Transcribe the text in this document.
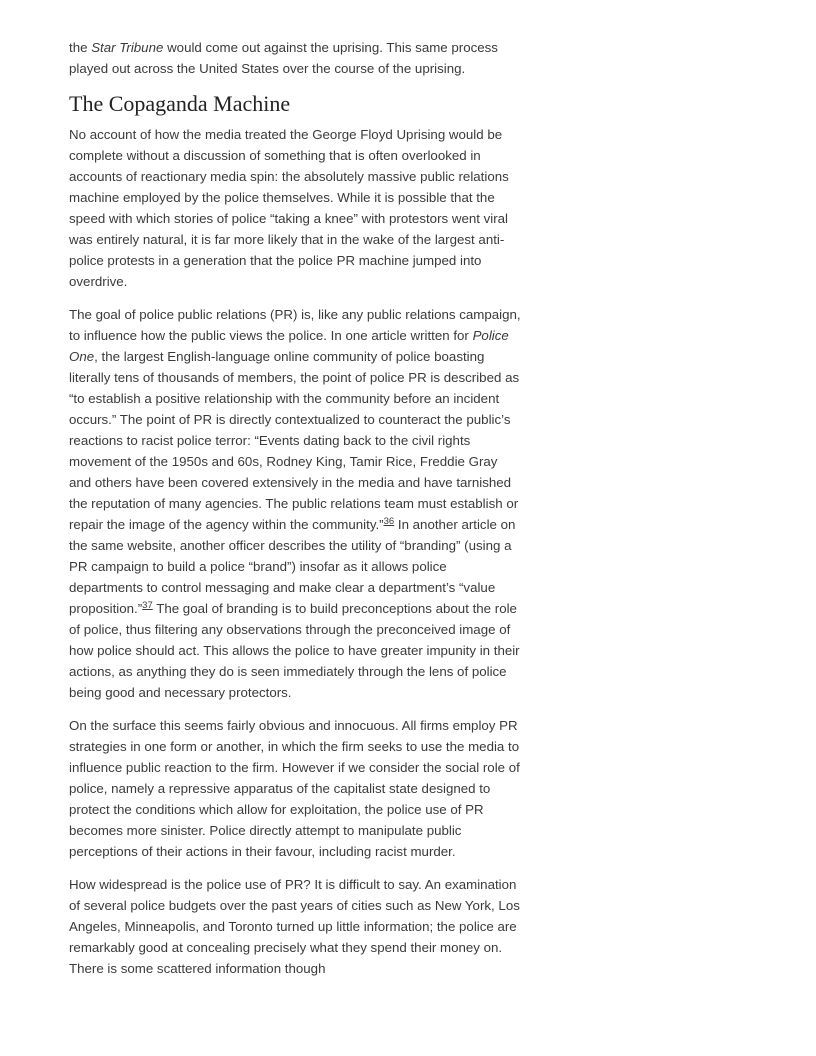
the Star Tribune would come out against the uprising. This same process played out across the United States over the course of the uprising.

The Copaganda Machine

No account of how the media treated the George Floyd Uprising would be complete without a discussion of something that is often overlooked in accounts of reactionary media spin: the absolutely massive public relations machine employed by the police themselves. While it is possible that the speed with which stories of police “taking a knee” with protestors went viral was entirely natural, it is far more likely that in the wake of the largest anti-police protests in a generation that the police PR machine jumped into overdrive.

The goal of police public relations (PR) is, like any public relations campaign, to influence how the public views the police. In one article written for Police One, the largest English-language online community of police boasting literally tens of thousands of members, the point of police PR is described as “to establish a positive relationship with the community before an incident occurs.” The point of PR is directly contextualized to counteract the public’s reactions to racist police terror: “Events dating back to the civil rights movement of the 1950s and 60s, Rodney King, Tamir Rice, Freddie Gray and others have been covered extensively in the media and have tarnished the reputation of many agencies. The public relations team must establish or repair the image of the agency within the community.”$^{36}$ In another article on the same website, another officer describes the utility of “branding” (using a PR campaign to build a police “brand”) insofar as it allows police departments to control messaging and make clear a department’s “value proposition.”$^{37}$ The goal of branding is to build preconceptions about the role of police, thus filtering any observations through the preconceived image of how police should act. This allows the police to have greater impunity in their actions, as anything they do is seen immediately through the lens of police being good and necessary protectors.

On the surface this seems fairly obvious and innocuous. All firms employ PR strategies in one form or another, in which the firm seeks to use the media to influence public reaction to the firm. However if we consider the social role of police, namely a repressive apparatus of the capitalist state designed to protect the conditions which allow for exploitation, the police use of PR becomes more sinister. Police directly attempt to manipulate public perceptions of their actions in their favour, including racist murder.

How widespread is the police use of PR? It is difficult to say. An examination of several police budgets over the past years of cities such as New York, Los Angeles, Minneapolis, and Toronto turned up little information; the police are remarkably good at concealing precisely what they spend their money on. There is some scattered information though
